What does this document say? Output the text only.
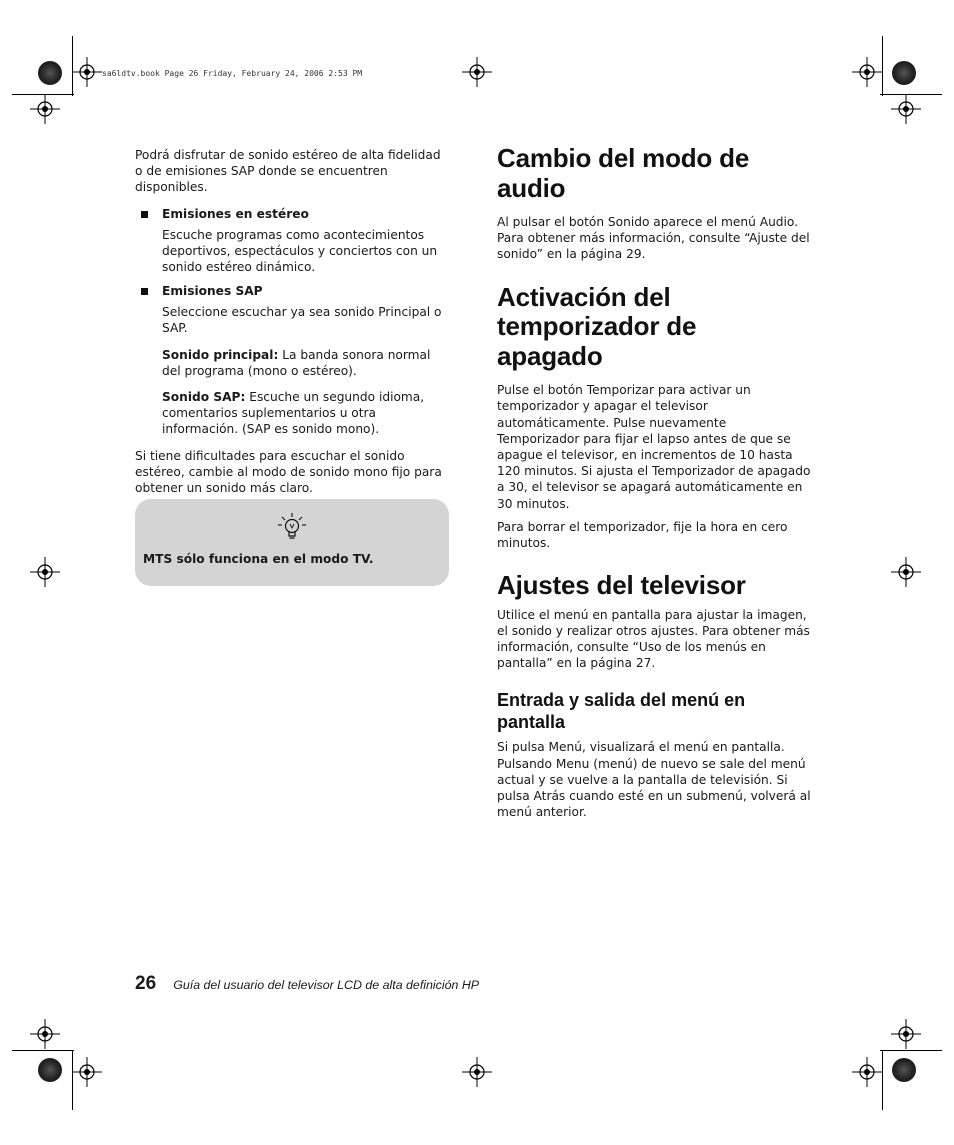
sa6ldtv.book Page 26 Friday, February 24, 2006 2:53 PM

Podrá disfrutar de sonido estéreo de alta fidelidad o de emisiones SAP donde se encuentren disponibles.

Emisiones en estéreo

Escuche programas como acontecimientos deportivos, espectáculos y conciertos con un sonido estéreo dinámico.

Emisiones SAP

Seleccione escuchar ya sea sonido Principal o SAP.

Sonido principal: La banda sonora normal del programa (mono o estéreo).

Sonido SAP: Escuche un segundo idioma, comentarios suplementarios u otra información. (SAP es sonido mono).

Si tiene dificultades para escuchar el sonido estéreo, cambie al modo de sonido mono fijo para obtener un sonido más claro.

MTS sólo funciona en el modo TV.
Cambio del modo de audio

Al pulsar el botón Sonido aparece el menú Audio. Para obtener más información, consulte “Ajuste del sonido” en la página 29.

Activación del temporizador de apagado

Pulse el botón Temporizar para activar un temporizador y apagar el televisor automáticamente. Pulse nuevamente Temporizador para fijar el lapso antes de que se apague el televisor, en incrementos de 10 hasta 120 minutos. Si ajusta el Temporizador de apagado a 30, el televisor se apagará automáticamente en 30 minutos.

Para borrar el temporizador, fije la hora en cero minutos.

Ajustes del televisor

Utilice el menú en pantalla para ajustar la imagen, el sonido y realizar otros ajustes. Para obtener más información, consulte “Uso de los menús en pantalla” en la página 27.

Entrada y salida del menú en pantalla

Si pulsa Menú, visualizará el menú en pantalla. Pulsando Menu (menú) de nuevo se sale del menú actual y se vuelve a la pantalla de televisión. Si pulsa Atrás cuando esté en un submenú, volverá al menú anterior.

26 Guía del usuario del televisor LCD de alta definición HP
